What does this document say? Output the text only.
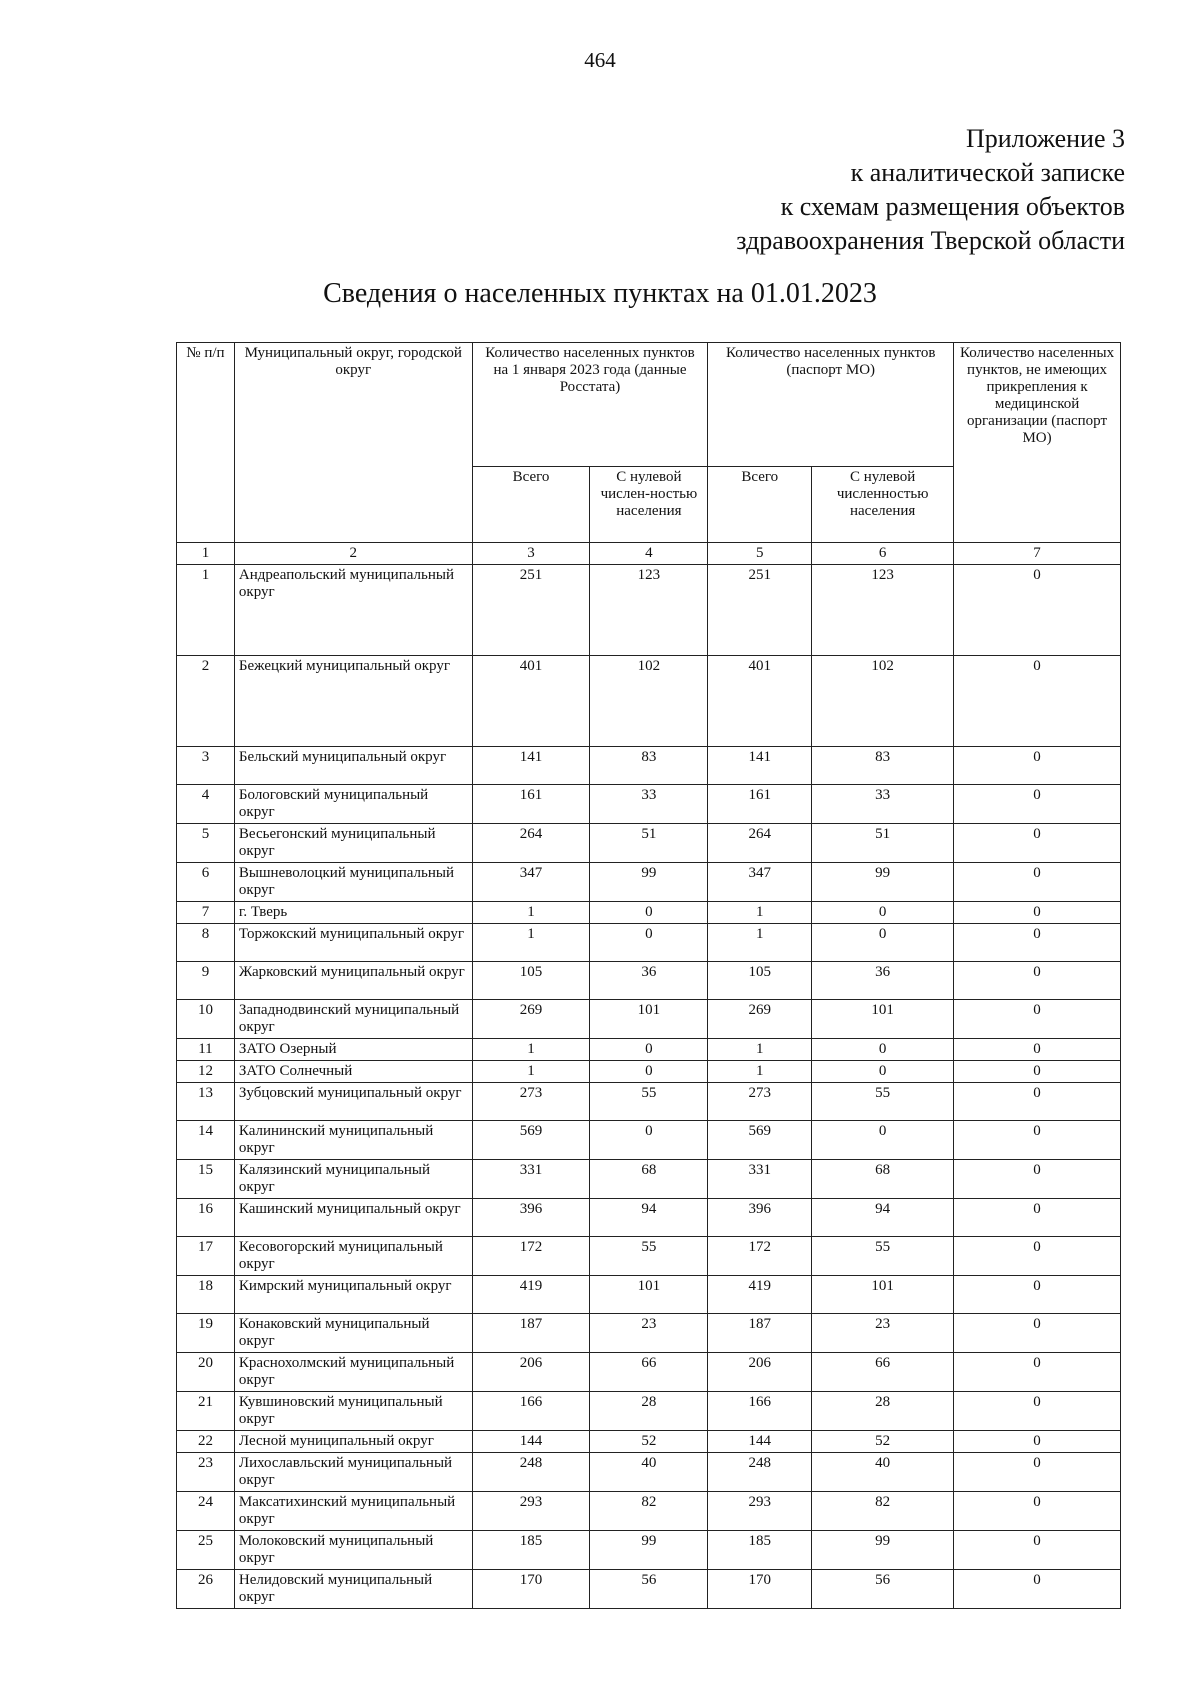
464
Приложение 3
к аналитической записке
к схемам размещения объектов
здравоохранения Тверской области
Сведения о населенных пунктах на 01.01.2023
№ п/п	Муниципальный округ, городской округ	Количество населенных пунктов на 1 января 2023 года (данные Росстата)		Количество населенных пунктов (паспорт МО)		Количество населенных пунктов, не имеющих прикрепления к медицинской организации (паспорт МО)
		Всего	С нулевой числен-ностью населения	Всего	С нулевой численностью населения	
1	2	3	4	5	6	7
1	Андреапольский муниципальный округ	251	123	251	123	0
2	Бежецкий муниципальный округ	401	102	401	102	0
3	Бельский муниципальный округ	141	83	141	83	0
4	Бологовский муниципальный округ	161	33	161	33	0
5	Весьегонский муниципальный округ	264	51	264	51	0
6	Вышневолоцкий муниципальный округ	347	99	347	99	0
7	г. Тверь	1	0	1	0	0
8	Торжокский муниципальный округ	1	0	1	0	0
9	Жарковский муниципальный округ	105	36	105	36	0
10	Западнодвинский муниципальный округ	269	101	269	101	0
11	ЗАТО Озерный	1	0	1	0	0
12	ЗАТО Солнечный	1	0	1	0	0
13	Зубцовский муниципальный округ	273	55	273	55	0
14	Калининский муниципальный округ	569	0	569	0	0
15	Калязинский муниципальный округ	331	68	331	68	0
16	Кашинский муниципальный округ	396	94	396	94	0
17	Кесовогорский муниципальный округ	172	55	172	55	0
18	Кимрский муниципальный округ	419	101	419	101	0
19	Конаковский муниципальный округ	187	23	187	23	0
20	Краснохолмский муниципальный округ	206	66	206	66	0
21	Кувшиновский муниципальный округ	166	28	166	28	0
22	Лесной муниципальный округ	144	52	144	52	0
23	Лихославльский муниципальный округ	248	40	248	40	0
24	Максатихинский муниципальный округ	293	82	293	82	0
25	Молоковский муниципальный округ	185	99	185	99	0
26	Нелидовский муниципальный округ	170	56	170	56	0
